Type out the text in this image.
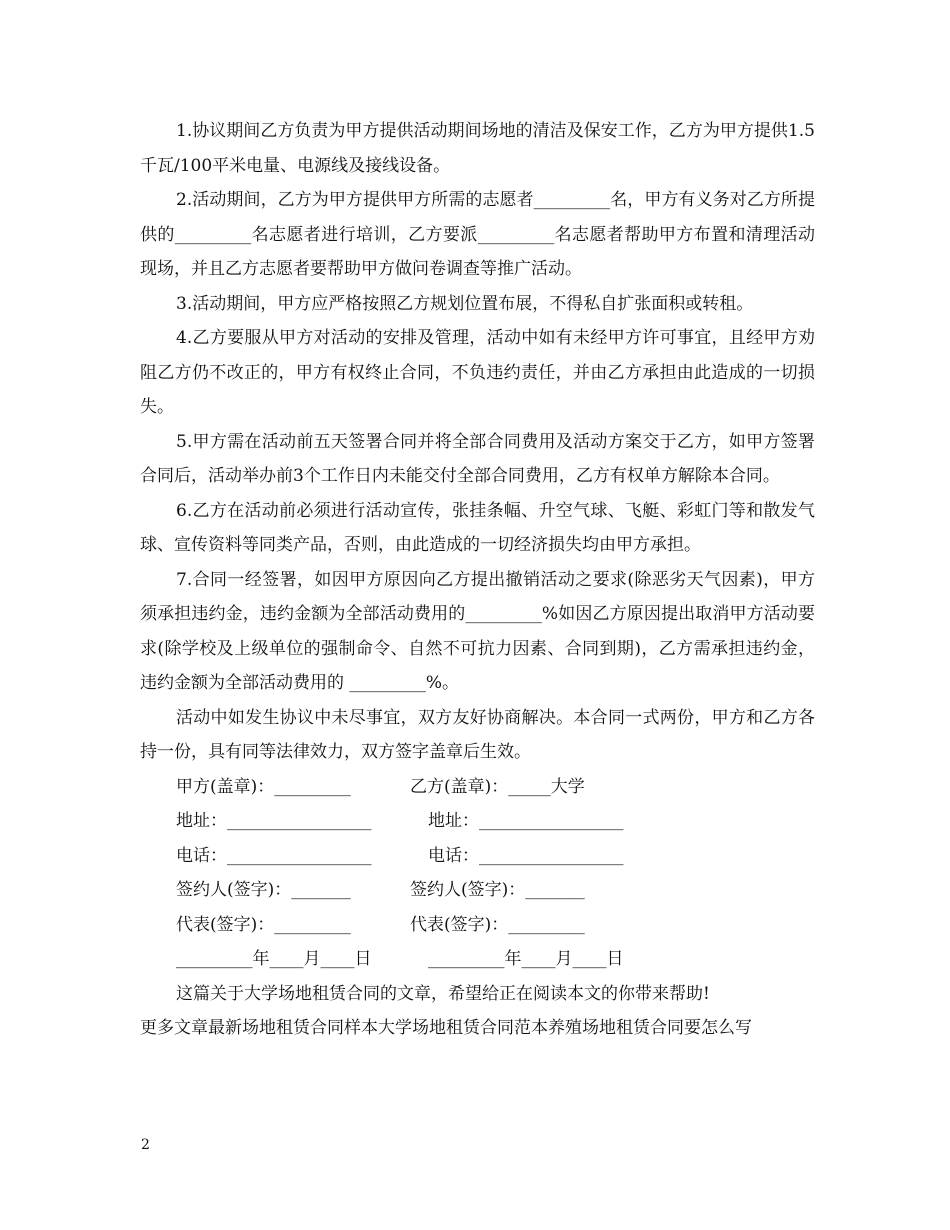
1.协议期间乙方负责为甲方提供活动期间场地的清洁及保安工作，乙方为甲方提供1.5千瓦/100平米电量、电源线及接线设备。

2.活动期间，乙方为甲方提供甲方所需的志愿者_________名，甲方有义务对乙方所提供的_________名志愿者进行培训，乙方要派_________名志愿者帮助甲方布置和清理活动现场，并且乙方志愿者要帮助甲方做问卷调查等推广活动。

3.活动期间，甲方应严格按照乙方规划位置布展，不得私自扩张面积或转租。

4.乙方要服从甲方对活动的安排及管理，活动中如有未经甲方许可事宜，且经甲方劝阻乙方仍不改正的，甲方有权终止合同，不负违约责任，并由乙方承担由此造成的一切损失。

5.甲方需在活动前五天签署合同并将全部合同费用及活动方案交于乙方，如甲方签署合同后，活动举办前3个工作日内未能交付全部合同费用，乙方有权单方解除本合同。

6.乙方在活动前必须进行活动宣传，张挂条幅、升空气球、飞艇、彩虹门等和散发气球、宣传资料等同类产品，否则，由此造成的一切经济损失均由甲方承担。

7.合同一经签署，如因甲方原因向乙方提出撤销活动之要求(除恶劣天气因素)，甲方须承担违约金，违约金额为全部活动费用的_________%如因乙方原因提出取消甲方活动要求(除学校及上级单位的强制命令、自然不可抗力因素、合同到期)，乙方需承担违约金，违约金额为全部活动费用的 _________%。

活动中如发生协议中未尽事宜，双方友好协商解决。本合同一式两份，甲方和乙方各持一份，具有同等法律效力，双方签字盖章后生效。

甲方(盖章)：_________	乙方(盖章)：_____大学
地址：_________________	地址：_________________
电话：_________________	电话：_________________
签约人(签字)：_______	签约人(签字)：_______
代表(签字)：_________	代表(签字)：_________
_________年____月____日	_________年____月____日

这篇关于大学场地租赁合同的文章，希望给正在阅读本文的你带来帮助!

更多文章最新场地租赁合同样本大学场地租赁合同范本养殖场地租赁合同要怎么写

2
